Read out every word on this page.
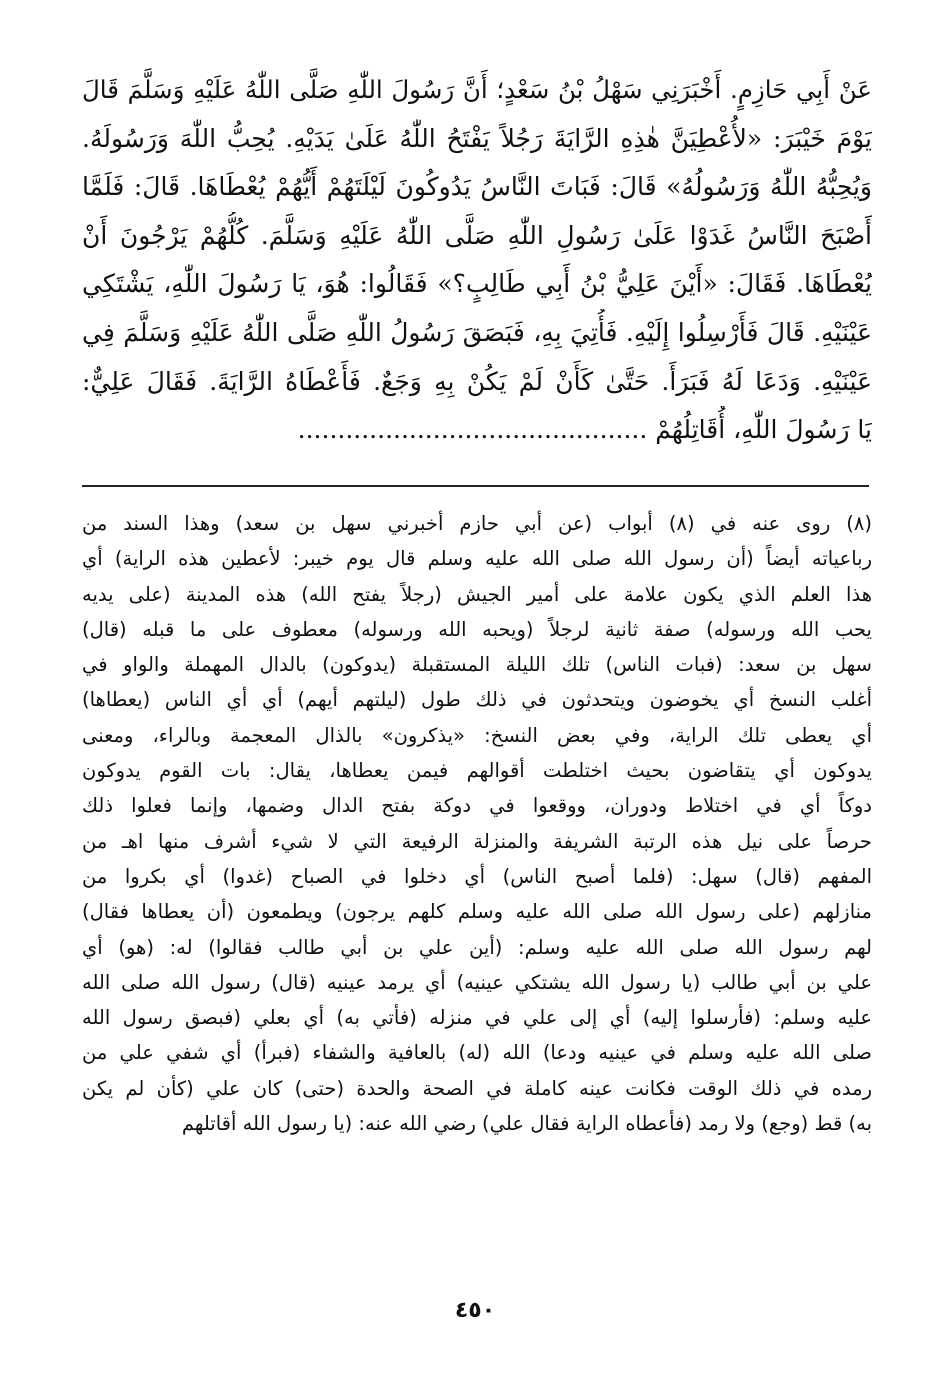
عَنْ أَبِي حَازِمٍ. أَخْبَرَنِي سَهْلُ بْنُ سَعْدٍ؛ أَنَّ رَسُولَ اللّٰهِ صَلَّى اللّٰهُ عَلَيْهِ وَسَلَّمَ قَالَ
يَوْمَ خَيْبَرَ: «لأُعْطِيَنَّ هٰذِهِ الرَّايَةَ رَجُلاً يَفْتَحُ اللّٰهُ عَلَىٰ يَدَيْهِ. يُحِبُّ اللّٰهَ وَرَسُولَهُ.
وَيُحِبُّهُ اللّٰهُ وَرَسُولُهُ» قَالَ: فَبَاتَ النَّاسُ يَدُوكُونَ لَيْلَتَهُمْ أَيُّهُمْ يُعْطَاهَا. قَالَ: فَلَمَّا
أَصْبَحَ النَّاسُ غَدَوْا عَلَىٰ رَسُولِ اللّٰهِ صَلَّى اللّٰهُ عَلَيْهِ وَسَلَّمَ. كُلُّهُمْ يَرْجُونَ أَنْ
يُعْطَاهَا. فَقَالَ: «أَيْنَ عَلِيُّ بْنُ أَبِي طَالِبٍ؟» فَقَالُوا: هُوَ، يَا رَسُولَ اللّٰهِ، يَشْتَكِي
عَيْنَيْهِ. قَالَ فَأَرْسِلُوا إِلَيْهِ. فَأُتِيَ بِهِ، فَبَصَقَ رَسُولُ اللّٰهِ صَلَّى اللّٰهُ عَلَيْهِ وَسَلَّمَ فِي
عَيْنَيْهِ. وَدَعَا لَهُ فَبَرَأَ. حَتَّىٰ كَأَنْ لَمْ يَكُنْ بِهِ وَجَعٌ. فَأَعْطَاهُ الرَّايَةَ. فَقَالَ عَلِيٌّ:
يَا رَسُولَ اللّٰهِ، أُقَاتِلُهُمْ ............................................
(٨) روى عنه في (٨) أبواب (عن أبي حازم أخبرني سهل بن سعد) وهذا السند من
رباعياته أيضاً (أن رسول الله صلى الله عليه وسلم قال يوم خيبر: لأعطين هذه الراية) أي
هذا العلم الذي يكون علامة على أمير الجيش (رجلاً يفتح الله) هذه المدينة (على يديه
يحب الله ورسوله) صفة ثانية لرجلاً (ويحبه الله ورسوله) معطوف على ما قبله (قال)
سهل بن سعد: (فبات الناس) تلك الليلة المستقبلة (يدوكون) بالدال المهملة والواو في
أغلب النسخ أي يخوضون ويتحدثون في ذلك طول (ليلتهم أيهم) أي أي الناس (يعطاها)
أي يعطى تلك الراية، وفي بعض النسخ: «يذكرون» بالذال المعجمة وبالراء، ومعنى
يدوكون أي يتقاضون بحيث اختلطت أقوالهم فيمن يعطاها، يقال: بات القوم يدوكون
دوكاً أي في اختلاط ودوران، ووقعوا في دوكة بفتح الدال وضمها، وإنما فعلوا ذلك
حرصاً على نيل هذه الرتبة الشريفة والمنزلة الرفيعة التي لا شيء أشرف منها اهـ من
المفهم (قال) سهل: (فلما أصبح الناس) أي دخلوا في الصباح (غدوا) أي بكروا من
منازلهم (على رسول الله صلى الله عليه وسلم كلهم يرجون) ويطمعون (أن يعطاها فقال)
لهم رسول الله صلى الله عليه وسلم: (أين علي بن أبي طالب فقالوا) له: (هو) أي
علي بن أبي طالب (يا رسول الله يشتكي عينيه) أي يرمد عينيه (قال) رسول الله صلى الله
عليه وسلم: (فأرسلوا إليه) أي إلى علي في منزله (فأتي به) أي بعلي (فبصق رسول الله
صلى الله عليه وسلم في عينيه ودعا) الله (له) بالعافية والشفاء (فبرأ) أي شفي علي من
رمده في ذلك الوقت فكانت عينه كاملة في الصحة والحدة (حتى) كان علي (كأن لم يكن
به) قط (وجع) ولا رمد (فأعطاه الراية فقال علي) رضي الله عنه: (يا رسول الله أقاتلهم
٤٥٠
